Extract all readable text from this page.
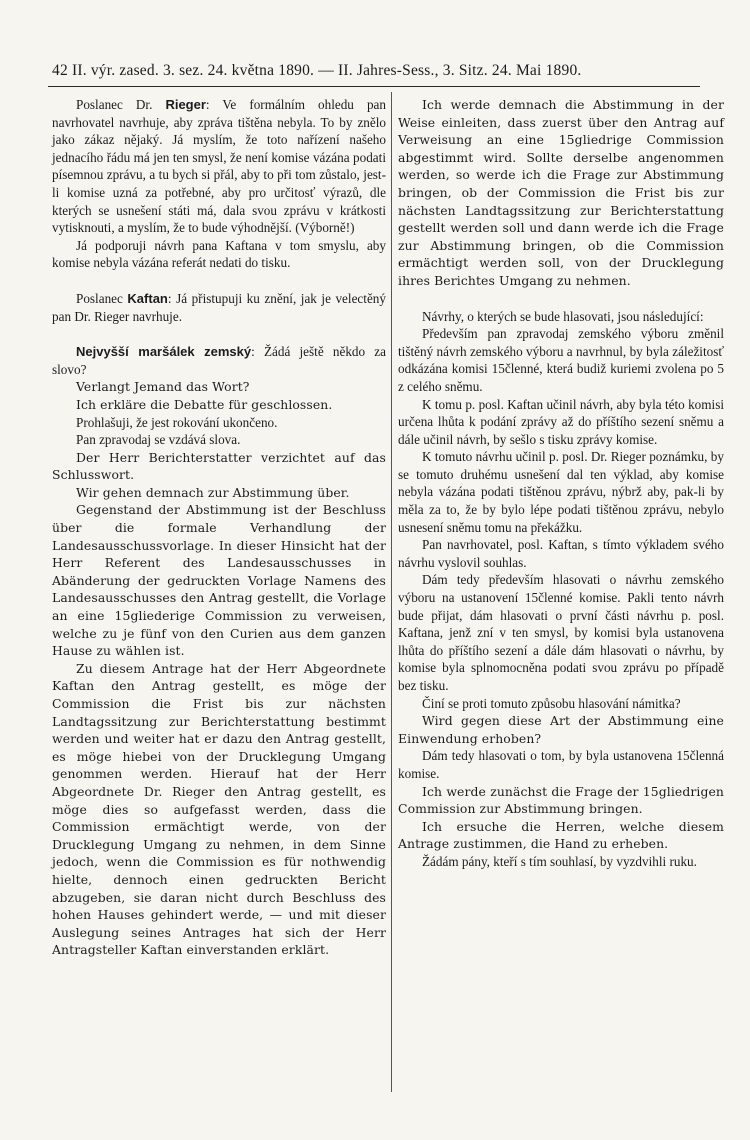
42 II. výr. zased. 3. sez. 24. května 1890. — II. Jahres-Sess., 3. Sitz. 24. Mai 1890.

Poslanec Dr. Rieger: Ve formálním ohledu pan navrhovatel navrhuje, aby zpráva tištěna nebyla. To by znělo jako zákaz nějaký. Já myslím, že toto nařízení našeho jednacího řádu má jen ten smysl, že není komise vázána podati písemnou zprávu, a tu bych si přál, aby to při tom zůstalo, jest-li komise uzná za potřebné, aby pro určitosť výrazů, dle kterých se usnešení státi má, dala svou zprávu v krátkosti vytisknouti, a myslím, že to bude výhodnější. (Výborně!)

Já podporuji návrh pana Kaftana v tom smyslu, aby komise nebyla vázána referát nedati do tisku.

Poslanec Kaftan: Já přistupuji ku znění, jak je velectěný pan Dr. Rieger navrhuje.

Nejvyšší maršálek zemský: Žádá ještě někdo za slovo?

Verlangt Jemand das Wort?

Ich erkläre die Debatte für geschlossen.

Prohlašuji, že jest rokování ukončeno.

Pan zpravodaj se vzdává slova.

Der Herr Berichterstatter verzichtet auf das Schlusswort.

Wir gehen demnach zur Abstimmung über.

Gegenstand der Abstimmung ist der Beschluss über die formale Verhandlung der Landesausschussvorlage. In dieser Hinsicht hat der Herr Referent des Landesausschusses in Abänderung der gedruckten Vorlage Namens des Landesausschusses den Antrag gestellt, die Vorlage an eine 15gliederige Commission zu verweisen, welche zu je fünf von den Curien aus dem ganzen Hause zu wählen ist.

Zu diesem Antrage hat der Herr Abgeordnete Kaftan den Antrag gestellt, es möge der Commission die Frist bis zur nächsten Landtagssitzung zur Berichterstattung bestimmt werden und weiter hat er dazu den Antrag gestellt, es möge hiebei von der Drucklegung Umgang genommen werden. Hierauf hat der Herr Abgeordnete Dr. Rieger den Antrag gestellt, es möge dies so aufgefasst werden, dass die Commission ermächtigt werde, von der Drucklegung Umgang zu nehmen, in dem Sinne jedoch, wenn die Commission es für nothwendig hielte, dennoch einen gedruckten Bericht abzugeben, sie daran nicht durch Beschluss des hohen Hauses gehindert werde, — und mit dieser Auslegung seines Antrages hat sich der Herr Antragsteller Kaftan einverstanden erklärt.

Ich werde demnach die Abstimmung in der Weise einleiten, dass zuerst über den Antrag auf Verweisung an eine 15gliedrige Commission abgestimmt wird. Sollte derselbe angenommen werden, so werde ich die Frage zur Abstimmung bringen, ob der Commission die Frist bis zur nächsten Landtagssitzung zur Berichterstattung gestellt werden soll und dann werde ich die Frage zur Abstimmung bringen, ob die Commission ermächtigt werden soll, von der Drucklegung ihres Berichtes Umgang zu nehmen.

Návrhy, o kterých se bude hlasovati, jsou následující:

Především pan zpravodaj zemského výboru změnil tištěný návrh zemského výboru a navrhnul, by byla záležitosť odkázána komisi 15členné, která budiž kuriemi zvolena po 5 z celého sněmu.

K tomu p. posl. Kaftan učinil návrh, aby byla této komisi určena lhůta k podání zprávy až do příštího sezení sněmu a dále učinil návrh, by sešlo s tisku zprávy komise.

K tomuto návrhu učinil p. posl. Dr. Rieger poznámku, by se tomuto druhému usnešení dal ten výklad, aby komise nebyla vázána podati tištěnou zprávu, nýbrž aby, pak-li by měla za to, že by bylo lépe podati tištěnou zprávu, nebylo usnesení sněmu tomu na překážku.

Pan navrhovatel, posl. Kaftan, s tímto výkladem svého návrhu vyslovil souhlas.

Dám tedy především hlasovati o návrhu zemského výboru na ustanovení 15členné komise. Pakli tento návrh bude přijat, dám hlasovati o první části návrhu p. posl. Kaftana, jenž zní v ten smysl, by komisi byla ustanovena lhůta do příštího sezení a dále dám hlasovati o návrhu, by komise byla splnomocněna podati svou zprávu po případě bez tisku.

Činí se proti tomuto způsobu hlasování námitka?

Wird gegen diese Art der Abstimmung eine Einwendung erhoben?

Dám tedy hlasovati o tom, by byla ustanovena 15členná komise.

Ich werde zunächst die Frage der 15gliedrigen Commission zur Abstimmung bringen.

Ich ersuche die Herren, welche diesem Antrage zustimmen, die Hand zu erheben.

Žádám pány, kteří s tím souhlasí, by vyzdvihli ruku.
